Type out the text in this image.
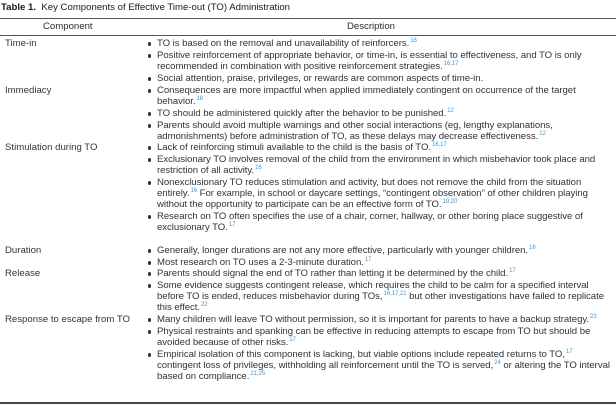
Table 1. Key Components of Effective Time-out (TO) Administration
Component	Description
Time-in	TO is based on the removal and unavailability of reinforcers.$^{16}$
Positive reinforcement of appropriate behavior, or time-in, is essential to effectiveness, and TO is only recommended in combination with positive reinforcement strategies.$^{16,17}$
Social attention, praise, privileges, or rewards are common aspects of time-in.
Immediacy	Consequences are more impactful when applied immediately contingent on occurrence of the target behavior.$^{18}$
TO should be administered quickly after the behavior to be punished.$^{12}$
Parents should avoid multiple warnings and other social interactions (eg, lengthy explanations, admonishments) before administration of TO, as these delays may decrease effectiveness.$^{12}$
Stimulation during TO	Lack of reinforcing stimuli available to the child is the basis of TO.$^{16,17}$
Exclusionary TO involves removal of the child from the environment in which misbehavior took place and restriction of all activity.$^{16}$
Nonexclusionary TO reduces stimulation and activity, but does not remove the child from the situation entirely.$^{16}$ For example, in school or daycare settings, “contingent observation” of other children playing without the opportunity to participate can be an effective form of TO.$^{19,20}$
Research on TO often specifies the use of a chair, corner, hallway, or other boring place suggestive of exclusionary TO.$^{17}$
Duration	Generally, longer durations are not any more effective, particularly with younger children.$^{16}$
Most research on TO uses a 2-3-minute duration.$^{17}$
Release	Parents should signal the end of TO rather than letting it be determined by the child.$^{17}$
Some evidence suggests contingent release, which requires the child to be calm for a specified interval before TO is ended, reduces misbehavior during TOs,$^{16,17,21}$ but other investigations have failed to replicate this effect.$^{22}$
Response to escape from TO	Many children will leave TO without permission, so it is important for parents to have a backup strategy.$^{23}$
Physical restraints and spanking can be effective in reducing attempts to escape from TO but should be avoided because of other risks.$^{17}$
Empirical isolation of this component is lacking, but viable options include repeated returns to TO,$^{17}$ contingent loss of privileges, withholding all reinforcement until the TO is served,$^{24}$ or altering the TO interval based on compliance.$^{21,25}$
